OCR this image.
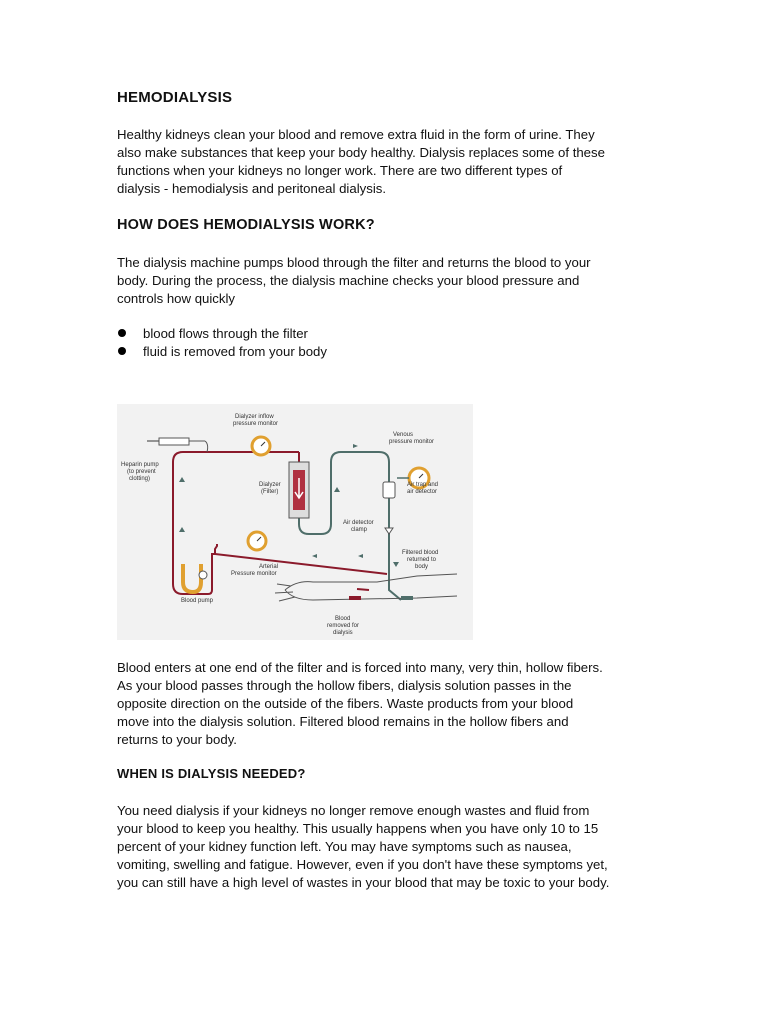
HEMODIALYSIS

Healthy kidneys clean your blood and remove extra fluid in the form of urine. They
also make substances that keep your body healthy. Dialysis replaces some of these
functions when your kidneys no longer work. There are two different types of
dialysis - hemodialysis and peritoneal dialysis.

HOW DOES HEMODIALYSIS WORK?

The dialysis machine pumps blood through the filter and returns the blood to your
body. During the process, the dialysis machine checks your blood pressure and
controls how quickly

blood flows through the filter
fluid is removed from your body
Dialyzer inflow
pressure monitor
Venous
pressure monitor
Heparin pump
(to prevent
clotting)
Dialyzer
(Filter)
Air trap and
air detector
Air detector
clamp
Filtered blood
returned to
body
Arterial
Pressure monitor
Blood pump
Blood
removed for
dialysis

Blood enters at one end of the filter and is forced into many, very thin, hollow fibers.
As your blood passes through the hollow fibers, dialysis solution passes in the
opposite direction on the outside of the fibers. Waste products from your blood
move into the dialysis solution. Filtered blood remains in the hollow fibers and
returns to your body.

WHEN IS DIALYSIS NEEDED?

You need dialysis if your kidneys no longer remove enough wastes and fluid from
your blood to keep you healthy. This usually happens when you have only 10 to 15
percent of your kidney function left. You may have symptoms such as nausea,
vomiting, swelling and fatigue. However, even if you don't have these symptoms yet,
you can still have a high level of wastes in your blood that may be toxic to your body.
